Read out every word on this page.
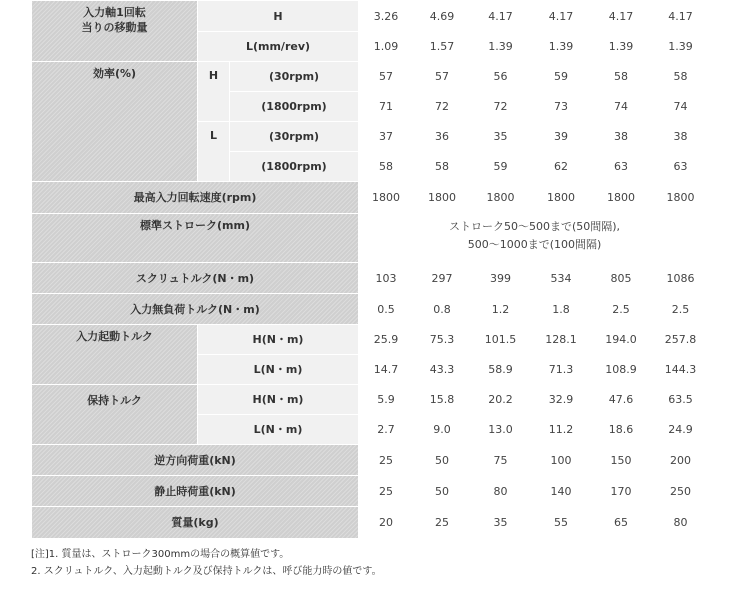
入力軸1回転
当りの移動量	H		3.26	4.69	4.17	4.17	4.17	4.17
	L(mm/rev)		1.09	1.57	1.39	1.39	1.39	1.39
効率(%)	H	(30rpm)	57	57	56	59	58	58
		(1800rpm)	71	72	72	73	74	74
	L	(30rpm)	37	36	35	39	38	38
		(1800rpm)	58	58	59	62	63	63
最高入力回転速度(rpm)			1800	1800	1800	1800	1800	1800
標準ストローク(mm)			ストローク50〜500まで(50間隔),
500〜1000まで(100間隔)					

スクリュトルク(N・m)			103	297	399	534	805	1086
入力無負荷トルク(N・m)			0.5	0.8	1.2	1.8	2.5	2.5
入力起動トルク	H(N・m)		25.9	75.3	101.5	128.1	194.0	257.8
	L(N・m)		14.7	43.3	58.9	71.3	108.9	144.3
保持トルク	H(N・m)		5.9	15.8	20.2	32.9	47.6	63.5
	L(N・m)		2.7	9.0	13.0	11.2	18.6	24.9
逆方向荷重(kN)			25	50	75	100	150	200
静止時荷重(kN)			25	50	80	140	170	250
質量(kg)			20	25	35	55	65	80
[注]1. 質量は、ストローク300mmの場合の概算値です。
2. スクリュトルク、入力起動トルク及び保持トルクは、呼び能力時の値です。
